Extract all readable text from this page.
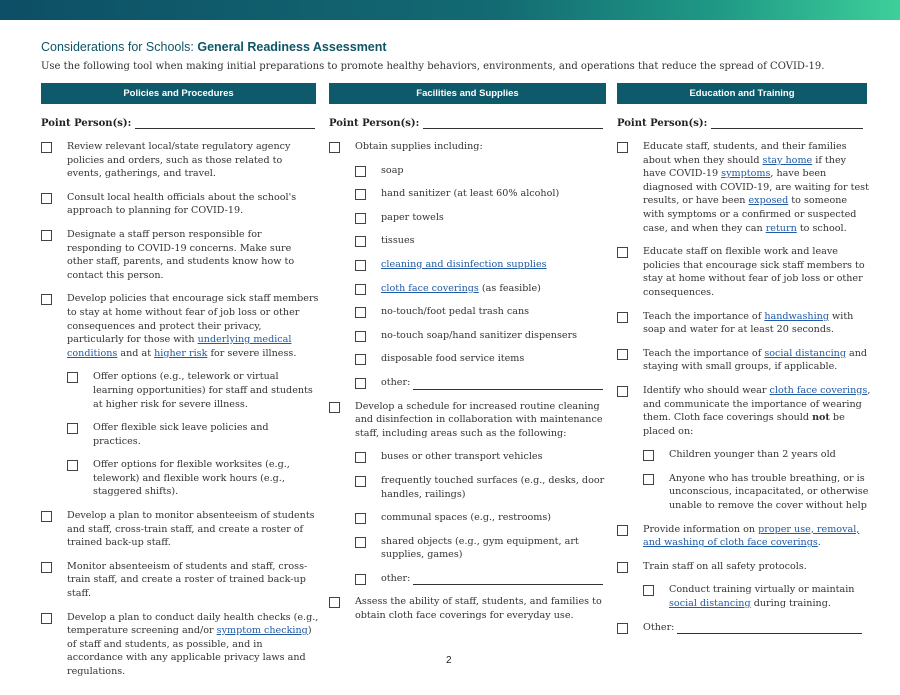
Considerations for Schools: General Readiness Assessment
Use the following tool when making initial preparations to promote healthy behaviors, environments, and operations that reduce the spread of COVID-19.
Policies and Procedures	Facilities and Supplies	Education and Training
Point Person(s):	Point Person(s):	Point Person(s):
Review relevant local/state regulatory agency policies and orders, such as those related to events, gatherings, and travel.
Consult local health officials about the school's approach to planning for COVID-19.
Designate a staff person responsible for responding to COVID-19 concerns. Make sure other staff, parents, and students know how to contact this person.
Develop policies that encourage sick staff members to stay at home without fear of job loss or other consequences and protect their privacy, particularly for those with underlying medical conditions and at higher risk for severe illness.
Offer options (e.g., telework or virtual learning opportunities) for staff and students at higher risk for severe illness.
Offer flexible sick leave policies and practices.
Offer options for flexible worksites (e.g., telework) and flexible work hours (e.g., staggered shifts).
Develop a plan to monitor absenteeism of students and staff, cross-train staff, and create a roster of trained back-up staff.
Monitor absenteeism of students and staff, cross-train staff, and create a roster of trained back-up staff.
Develop a plan to conduct daily health checks (e.g., temperature screening and/or symptom checking) of staff and students, as possible, and in accordance with any applicable privacy laws and regulations.
Obtain supplies including:
soap
hand sanitizer (at least 60% alcohol)
paper towels
tissues
cleaning and disinfection supplies
cloth face coverings (as feasible)
no-touch/foot pedal trash cans
no-touch soap/hand sanitizer dispensers
disposable food service items
other:
Develop a schedule for increased routine cleaning and disinfection in collaboration with maintenance staff, including areas such as the following:
buses or other transport vehicles
frequently touched surfaces (e.g., desks, door handles, railings)
communal spaces (e.g., restrooms)
shared objects (e.g., gym equipment, art supplies, games)
other:
Assess the ability of staff, students, and families to obtain cloth face coverings for everyday use.
Educate staff, students, and their families about when they should stay home if they have COVID-19 symptoms, have been diagnosed with COVID-19, are waiting for test results, or have been exposed to someone with symptoms or a confirmed or suspected case, and when they can return to school.
Educate staff on flexible work and leave policies that encourage sick staff members to stay at home without fear of job loss or other consequences.
Teach the importance of handwashing with soap and water for at least 20 seconds.
Teach the importance of social distancing and staying with small groups, if applicable.
Identify who should wear cloth face coverings, and communicate the importance of wearing them. Cloth face coverings should not be placed on:
Children younger than 2 years old
Anyone who has trouble breathing, or is unconscious, incapacitated, or otherwise unable to remove the cover without help
Provide information on proper use, removal, and washing of cloth face coverings.
Train staff on all safety protocols.
Conduct training virtually or maintain social distancing during training.
Other:
2
